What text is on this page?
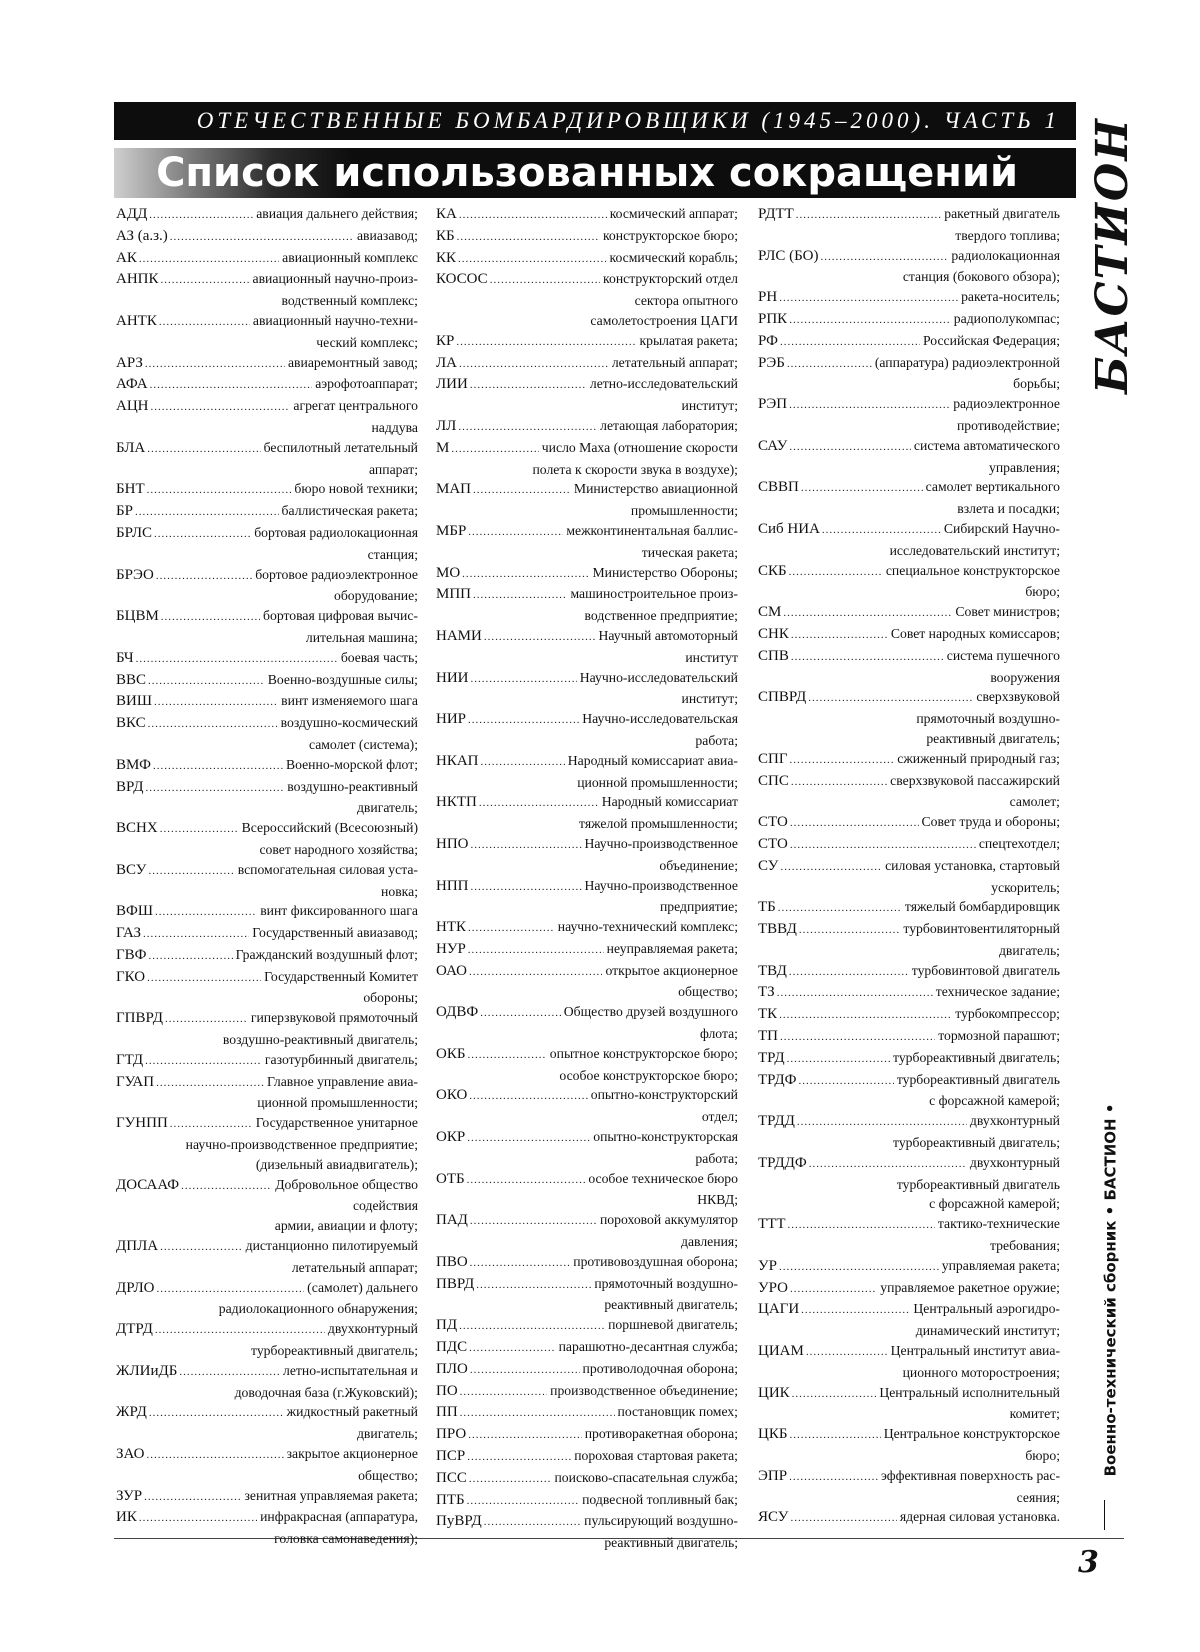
ОТЕЧЕСТВЕННЫЕ БОМБАРДИРОВЩИКИ (1945–2000). ЧАСТЬ 1
Список использованных сокращений	БАСТИОН
Военно-технический сборник • БАСТИОН •
3
АДД
.....	авиация дальнего действия;
АЗ (а.з.)
.....	авиазавод;
АК
.....	авиационный комплекс
АНПК
.....	авиационный научно-произ-
водственный комплекс;
АНТК
.....	авиационный научно-техни-
ческий комплекс;
АРЗ
.....	авиаремонтный завод;
АФА
.....	аэрофотоаппарат;
АЦН
.....	агрегат центрального
наддува
БЛА
.....	беспилотный летательный
аппарат;
БНТ
.....	бюро новой техники;
БР
.....	баллистическая ракета;
БРЛС
.....	бортовая радиолокационная
станция;
БРЭО
.....	бортовое радиоэлектронное
оборудование;
БЦВМ
.....	бортовая цифровая вычис-
лительная машина;
БЧ
.....	боевая часть;
ВВС
.....	Военно-воздушные силы;
ВИШ
.....	винт изменяемого шага
ВКС
.....	воздушно-космический
самолет (система);
ВМФ
.....	Военно-морской флот;
ВРД
.....	воздушно-реактивный
двигатель;
ВСНХ
.....	Всероссийский (Всесоюзный)
совет народного хозяйства;
ВСУ
.....	вспомогательная силовая уста-
новка;
ВФШ
.....	винт фиксированного шага
ГАЗ
.....	Государственный авиазавод;
ГВФ
.....	Гражданский воздушный флот;
ГКО
.....	Государственный Комитет
обороны;
ГПВРД
.....	гиперзвуковой прямоточный
воздушно-реактивный двигатель;
ГТД
.....	газотурбинный двигатель;
ГУАП
.....	Главное управление авиа-
ционной промышленности;
ГУНПП
.....	Государственное унитарное
научно-производственное предприятие;
(дизельный авиадвигатель);
ДОСААФ
.....	Добровольное общество
содействия
армии, авиации и флоту;
ДПЛА
.....	дистанционно пилотируемый
летательный аппарат;
ДРЛО
.....	(самолет) дальнего
радиолокационного обнаружения;
ДТРД
.....	двухконтурный
турбореактивный двигатель;
ЖЛИиДБ
.....	летно-испытательная и
доводочная база (г.Жуковский);
ЖРД
.....	жидкостный ракетный
двигатель;
ЗАО
.....	закрытое акционерное
общество;
ЗУР
.....	зенитная управляемая ракета;
ИК
.....	инфракрасная (аппаратура,
головка самонаведения);
КА
.....	космический аппарат;
КБ
.....	конструкторское бюро;
КК
.....	космический корабль;
КОСОС
.....	конструкторский отдел
сектора опытного
самолетостроения ЦАГИ
КР
.....	крылатая ракета;
ЛА
.....	летательный аппарат;
ЛИИ
.....	летно-исследовательский
институт;
ЛЛ
.....	летающая лаборатория;
М
.....	число Маха (отношение скорости
полета к скорости звука в воздухе);
МАП
.....	Министерство авиационной
промышленности;
МБР
.....	межконтинентальная баллис-
тическая ракета;
МО
.....	Министерство Обороны;
МПП
.....	машиностроительное произ-
водственное предприятие;
НАМИ
.....	Научный автомоторный
институт
НИИ
.....	Научно-исследовательский
институт;
НИР
.....	Научно-исследовательская
работа;
НКАП
.....	Народный комиссариат авиа-
ционной промышленности;
НКТП
.....	Народный комиссариат
тяжелой промышленности;
НПО
.....	Научно-производственное
объединение;
НПП
.....	Научно-производственное
предприятие;
НТК
.....	научно-технический комплекс;
НУР
.....	неуправляемая ракета;
ОАО
.....	открытое акционерное
общество;
ОДВФ
.....	Общество друзей воздушного
флота;
ОКБ
.....	опытное конструкторское бюро;
особое конструкторское бюро;
ОКО
.....	опытно-конструкторский
отдел;
ОКР
.....	опытно-конструкторская
работа;
ОТБ
.....	особое техническое бюро
НКВД;
ПАД
.....	пороховой аккумулятор
давления;
ПВО
.....	противовоздушная оборона;
ПВРД
.....	прямоточный воздушно-
реактивный двигатель;
ПД
.....	поршневой двигатель;
ПДС
.....	парашютно-десантная служба;
ПЛО
.....	противолодочная оборона;
ПО
.....	производственное объединение;
ПП
.....	постановщик помех;
ПРО
.....	противоракетная оборона;
ПСР
.....	пороховая стартовая ракета;
ПСС
.....	поисково-спасательная служба;
ПТБ
.....	подвесной топливный бак;
ПуВРД
.....	пульсирующий воздушно-
реактивный двигатель;
РДТТ
.....	ракетный двигатель
твердого топлива;
РЛС (БО)
.....	радиолокационная
станция (бокового обзора);
РН
.....	ракета-носитель;
РПК
.....	радиополукомпас;
РФ
.....	Российская Федерация;
РЭБ
.....	(аппаратура) радиоэлектронной
борьбы;
РЭП
.....	радиоэлектронное
противодействие;
САУ
.....	система автоматического
управления;
СВВП
.....	самолет вертикального
взлета и посадки;
Сиб НИА
.....	Сибирский Научно-
исследовательский институт;
СКБ
.....	специальное конструкторское
бюро;
СМ
.....	Совет министров;
СНК
.....	Совет народных комиссаров;
СПВ
.....	система пушечного
вооружения
СПВРД
.....	сверхзвуковой
прямоточный воздушно-
реактивный двигатель;
СПГ
.....	сжиженный природный газ;
СПС
.....	сверхзвуковой пассажирский
самолет;
СТО
.....	Совет труда и обороны;
СТО
.....	спецтехотдел;
СУ
.....	силовая установка, стартовый
ускоритель;
ТБ
.....	тяжелый бомбардировщик
ТВВД
.....	турбовинтовентиляторный
двигатель;
ТВД
.....	турбовинтовой двигатель
ТЗ
.....	техническое задание;
ТК
.....	турбокомпрессор;
ТП
.....	тормозной парашют;
ТРД
.....	турбореактивный двигатель;
ТРДФ
.....	турбореактивный двигатель
с форсажной камерой;
ТРДД
.....	двухконтурный
турбореактивный двигатель;
ТРДДФ
.....	двухконтурный
турбореактивный двигатель
с форсажной камерой;
ТТТ
.....	тактико-технические
требования;
УР
.....	управляемая ракета;
УРО
.....	управляемое ракетное оружие;
ЦАГИ
.....	Центральный аэрогидро-
динамический институт;
ЦИАМ
.....	Центральный институт авиа-
ционного моторостроения;
ЦИК
.....	Центральный исполнительный
комитет;
ЦКБ
.....	Центральное конструкторское
бюро;
ЭПР
.....	эффективная поверхность рас-
сеяния;
ЯСУ
.....	ядерная силовая установка.
